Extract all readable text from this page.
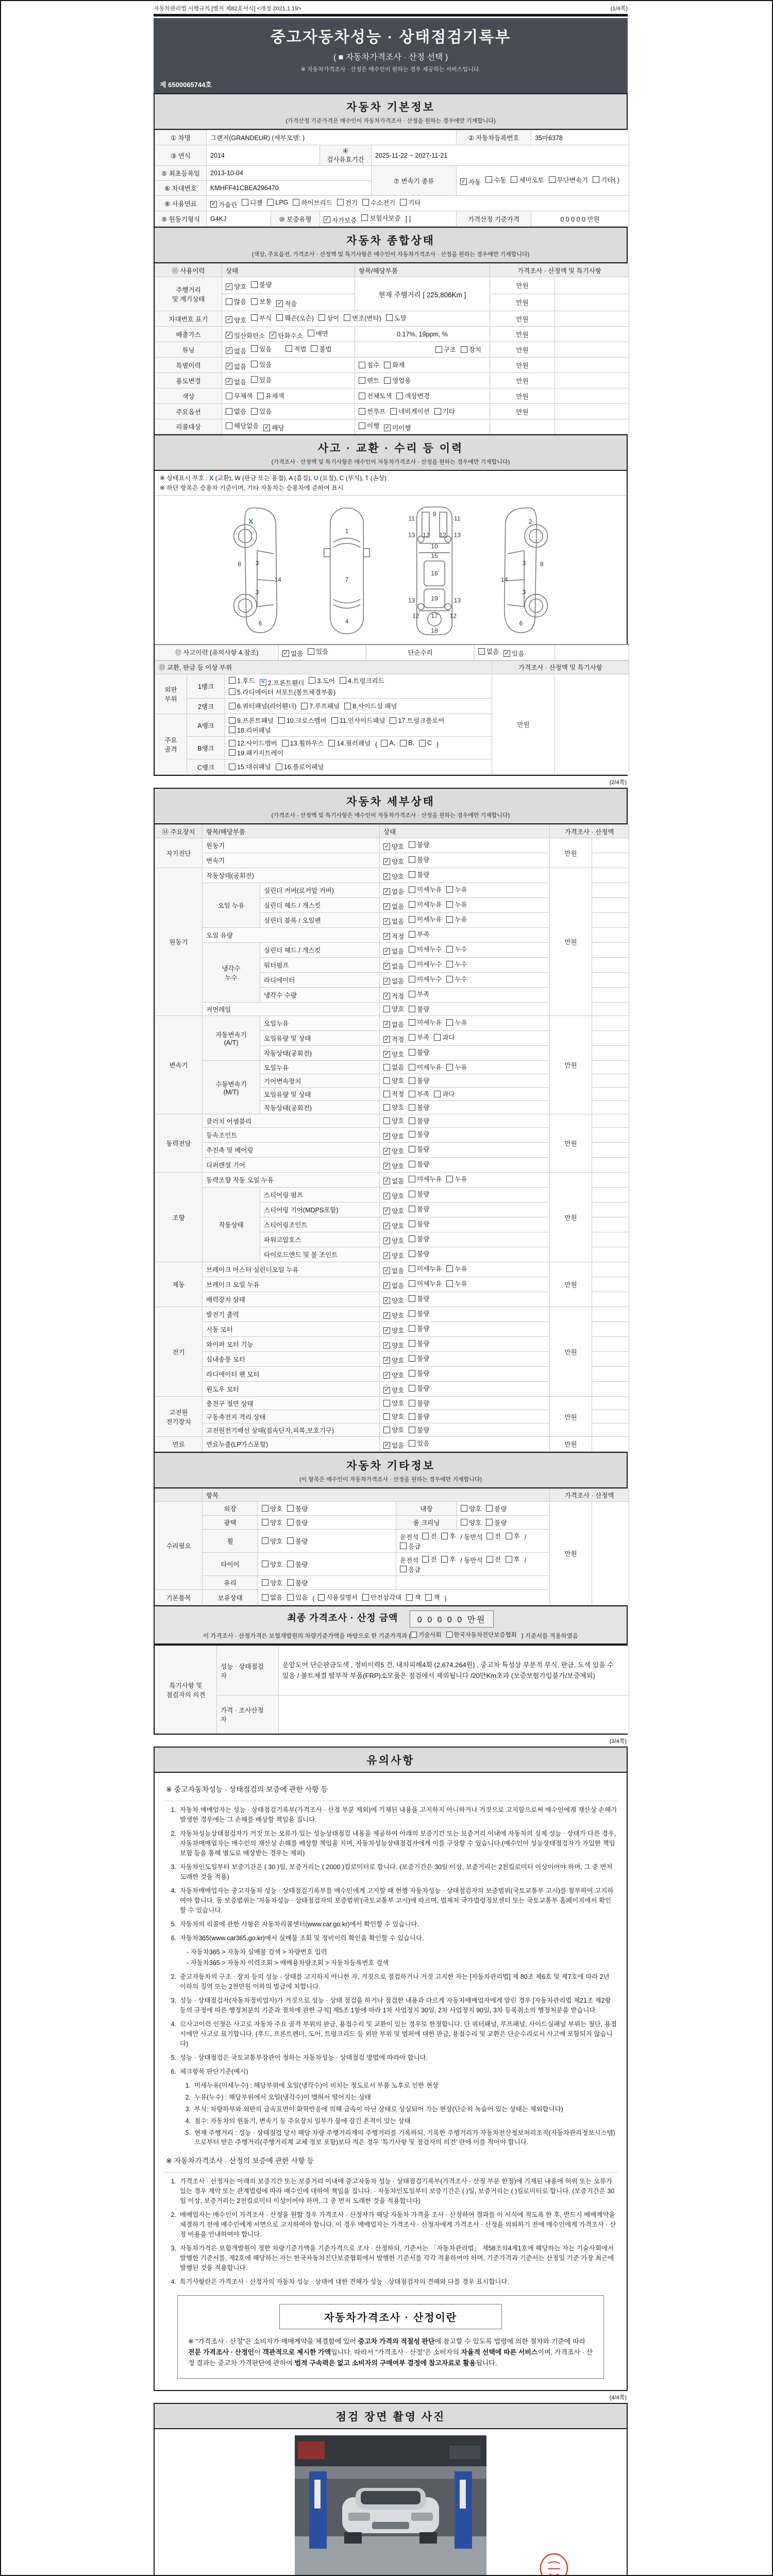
자동차관리법 시행규칙 [별지 제82호서식] <개정 2021.1.19>	(1/4쪽)
중고자동차성능 · 상태점검기록부
( ■ 자동차가격조사 · 산정 선택 )
※ 자동차가격조사 · 산정은 매수인이 원하는 경우 제공하는 서비스입니다.
제 6500065744호
자동차 기본정보
(가격산정 기준가격은 매수인이 자동차가격조사 · 산정을 원하는 경우에만 기재합니다)
① 차명	그랜저(GRANDEUR) (세부모델: )				② 자동차등록번호	35마6378
③ 연식	2014		④ 검사유효기간	2025-11-22 ~ 2027-11-21		
⑤ 최초등록일	2013-10-04	⑦ 변속기 종류	✓ 자동 수동 세미오토 무단변속기 기타( )

⑥ 차대번호	KMHFF41CBEA296470					
⑧ 사용연료	✓ 가솔린 디젤 LPG 하이브리드 전기 수소전기 기타

⑨ 원동기형식	G4KJ	⑩ 보증유형	✓ 자가보증 보험사보증 [ ]		가격산정 기준가격	0 0 0 0 0 만원
자동차 종합상태
(색상, 주요옵션, 가격조사 · 산정액 및 특기사항은 매수인이 자동차가격조사 · 산정을 원하는 경우에만 기재합니다)
⑪ 사용이력	상태	항목/해당부품	가격조사 · 산정액 및 특기사항	
주행거리
및 계기상태	✓ 양호 불량	현재 주행거리 [ 225,806Km ]	만원	

	많음 보통 ✓ 적음		만원	
차대번호 표기	✓ 양호 부식 훼손(오손) 상이 변조(변타) 도말	만원	
배출가스	✓ 일산화탄소 ✓ 탄화수소 매연	0.17%, 19ppm, %	만원	
튜닝	✓ 없음 있음 적법 불법	구조 장치	만원	
특별이력	✓ 없음 있음	침수 화재	만원	
용도변경	✓ 없음 있음	렌트 영업용	만원	
색상	무채색 유채색	전체도색 색상변경	만원	
주요옵션	없음 있음	썬루프 네비게이션 기타	만원	
리콜대상	해당없음 ✓ 해당	이행 ✓ 미이행		

사고 · 교환 · 수리 등 이력
(가격조사 · 산정액 및 특기사항은 매수인이 자동차가격조사 · 산정을 원하는 경우에만 기재합니다)
※ 상태표시 부호 : X (교환), W (판금 또는 용접), A (흠집), U (요철), C (부식), T (손상)
※ 하단 항목은 승용차 기준이며, 기타 자동차는 승용차에 준하여 표시
X
8 3
14
3
6
1
7
4
11
9
11
13 12 12 13
10
15
16
19
13	13
12 17 12
18
2
8
3
14
3
6
⑫ 사고이력 (유의사항 4.참조)	✓ 없음 있음	단순수리	없음 ✓ 있음

⑬ 교환, 판금 등 이상 부위			가격조사 · 산정액 및 특기사항	
외판
부위	1랭크	
1.후드 ✕ 2.프론트휀더 3.도어 4.트렁크리드
5.라디에이터 서포트(볼트체결부품)
	만원	
	2랭크	6.쿼터패널(리어휀더) 7.루프패널 8.사이드실 패널		

주요
골격	A랭크	9.프론트패널 10.크로스멤버 11.인사이드패널 17.트렁크플로어
18.리어패널		

B랭크	
12.사이드멤버 13.휠하우스 14.필러패널 ( A, B, C )
19.패키지트레이

	C랭크	15.대쉬패널 16.플로어패널		
(2/4쪽)
자동차 세부상태
(가격조사 · 산정액 및 특기사항은 매수인이 자동차가격조사 · 산정을 원하는 경우에만 기재합니다)
⑭ 주요장치	항목/해당부품		상태	가격조사 · 산정액	
자기진단	원동기		✓ 양호 불량	만원	
	변속기		✓ 양호 불량		

원동기	작동상태(공회전)		✓ 양호 불량	만원	
	오일 누유	실린더 커버(로커암 커버)	✓ 없음 미세누유 누유		

		실린더 헤드 / 개스킷	✓ 없음 미세누유 누유		

		실린더 블록 / 오일팬	✓ 없음 미세누유 누유		

	오일 유량		✓ 적정 부족		

	냉각수
누수	실린더 헤드 / 개스킷	✓ 없음 미세누수 누수		

		워터펌프	✓ 없음 미세누수 누수		

		라디에이터	✓ 없음 미세누수 누수		

		냉각수 수량	✓ 적정 부족		

	커먼레일		양호 불량		

변속기	자동변속기
(A/T)	오일누유	✓ 없음 미세누유 누유	만원	
		오일유량 및 상태	✓ 적정 부족 과다		

		작동상태(공회전)	✓ 양호 불량		

	수동변속기
(M/T)	오일누유	없음 미세누유 누유		

		기어변속장치	양호 불량		

		오일유량 및 상태	적정 부족 과다		

		작동상태(공회전)	양호 불량		

동력전달	클러치 어셈블리		양호 불량	만원	
	등속조인트		✓ 양호 불량		

	추진축 및 베어링		✓ 양호 불량		

	디퍼렌셜 기어		✓ 양호 불량		

조향	동력조향 작동 오일 누유		✓ 없음 미세누유 누유	만원	
	작동상태	스티어링 펌프	✓ 양호 불량		

		스티어링 기어(MDPS포함)	✓ 양호 불량		

		스티어링조인트	✓ 양호 불량		

		파워고압호스	✓ 양호 불량		

		타이로드엔드 및 볼 조인트	✓ 양호 불량		

제동	브레이크 마스터 실린더오일 누유		✓ 없음 미세누유 누유	만원	
	브레이크 오일 누유		✓ 없음 미세누유 누유		

	배력장치 상태		✓ 양호 불량		

전기	발전기 출력		✓ 양호 불량	만원	
	시동 모터		✓ 양호 불량		

	와이퍼 모터 기능		✓ 양호 불량		

	실내송풍 모터		✓ 양호 불량		

	라디에이터 팬 모터		✓ 양호 불량		

	윈도우 모터		✓ 양호 불량		

고전원
전기장치	충전구 절연 상태		양호 불량	만원	
	구동축전지 격리 상태		양호 불량		

	고전원전기배선 상태(접속단자,피복,보호기구)		양호 불량		

연료	연료누출(LP가스포함)		✓ 없음 있음	만원	
자동차 기타정보
(이 항목은 매수인이 자동차가격조사 · 산정을 원하는 경우에만 기재합니다)
	항목				가격조사 · 산정액	
수리필요	외장	양호 불량	내장	양호 불량	만원	
	광택	양호 불량	룸 크리닝	양호 불량		

휠	양호 불량
	운전석 전 후 / 동반석 전 후 /
응급

타이어	양호 불량
	운전석 전 후 / 동반석 전 후 /
응급

	유리	양호 불량				

기본품목	보유상태	없음 있음 ( 사용설명서 안전삼각대 잭 잭 )
최종 가격조사 · 산정 금액 0 0 0 0 0 만원
이 가격조사 · 산정가격은 보험개발원의 차량기준가액을 바탕으로 한 기준가격과 ( 기술사회 한국자동차진단보증협회 ) 기준서를 적용하였음
특기사항 및
점검자의 의견	성능 · 상태점검
자	운앞도어 단순판금도색 , 정비이력5 건, 내차피해4회 (2,674,264원) , 중고차 특성상 부분적 부식, 판금, 도색 있을 수 있음 / 볼트체결 탈부착 부품(FRP)소모품은 점검에서 제외됩니다 /20만Km초과 (보증보험가입불가/보증제외)
	가격 · 조사산정
자	
(3/4쪽)
유의사항
※ 중고자동차성능 · 상태점검의 보증에 관한 사항 등
1. 자동차 매매업자는 성능 · 상태점검기록부(가격조사 · 산정 부분 제외)에 기재된 내용을 고지하지 아니하거나 거짓으로 고지함으로써 매수인에게 재산상 손해가 발생한 경우에는 그 손해를 배상할 책임을 집니다.
2. 자동차성능상태점검자가 거짓 또는 오류가 있는 성능상태점검 내용을 제공하여 아래의 보증기간 또는 보증거리 이내에 자동차의 실제 성능 · 상태가 다른 경우, 자동차매매업자는 매수인의 재산상 손해를 배상할 책임을 지며, 자동차성능상태점검자에게 이를 구상할 수 있습니다.(매수인이 성능상태점검자가 가입한 책임보험 등을 통해 별도로 배상받는 경우는 제외)
3. 자동차인도일부터 보증기간은 ( 30 )일, 보증거리는 ( 2000 )킬로미터로 합니다. (보증기간은 30일 이상, 보증거리는 2천킬로미터 이상이어야 하며, 그 중 먼저 도래한 것을 적용)
4. 자동차매매업자는 중고자동차 성능 · 상태점검기록부를 매수인에게 고지할 때 현행 자동차성능 · 상태점검자의 보증범위(국토교통부 고시)를 첨부하여 고지하여야 합니다. 동 보증범위는 '자동차성능 · 상태점검자의 보증범위'(국토교통부 고시)에 따르며, 법제처 국가법령정보센터 또는 국토교통부 홈페이지에서 확인할 수 있습니다.
5. 자동차의 리콜에 관한 사항은 자동차리콜센터(www.car.go.kr)에서 확인할 수 있습니다.
6. 자동차365(www.car365.go.kr)에서 실매물 조회 및 정비이력 확인을 확인할 수 있습니다.
- 자동차365 > 자동차 실매물 검색 > 차량번호 입력
- 자동차365 > 자동차 이력조회 > 매매용차량조회 > 자동차등록번호 검색
2. 중고자동차의 구조 · 장치 등의 성능 · 상태를 고지하지 아니한 자, 거짓으로 점검하거나 거짓 고지한 자는 [자동차관리법] 제 80조 제6호 및 제7호에 따라 2년 이하의 징역 또는 2천만원 이하의 벌금에 처합니다.
3. 성능 · 상태점검자(자동차정비업자)가 거짓으로 성능 · 상태 점검을 하거나 점검한 내용과 다르게 자동차매매업자에게 알린 경우 [자동차관리법 제21조 제2항 등의 규정에 따른 행정처분의 기준과 절차에 관한 규칙] 제5조 1항에 따라 1차 사업정지 30일, 2차 사업정지 90일, 3차 등록취소의 행정처분을 받습니다.
4. ⑫사고이력 인정은 사고로 자동차 주요 골격 부위의 판금, 용접수리 및 교환이 있는 경우로 한정합니다. 단 쿼터패널, 루프패널, 사이드실패널 부위는 절단, 용접 시에만 사고로 표기합니다. (후드, 프론트펜더, 도어, 트렁크리드 등 외판 부위 및 범퍼에 대한 판금, 용접수리 및 교환은 단순수리로서 사고에 포함되지 않습니다)
5. 성능 · 상태점검은 국토교통부장관이 정하는 자동차성능 · 상태점검 방법에 따라야 합니다.
6. 체크항목 판단기준(예시)
1. 미세누유(미세누수) : 해당부위에 오일(냉각수)이 비치는 정도로서 부품 노후로 인한 현상
2. 누유(누수) : 해당부위에서 오일(냉각수)이 맺혀서 떨어지는 상태
3. 부식: 차량하부와 외판의 금속표면이 화학반응에 의해 금속이 아닌 상태로 상실되어 가는 현상(단순히 녹슬어 있는 상태는 제외합니다)
4. 침수: 자동차의 원동기, 변속기 등 주요장치 일부가 물에 잠긴 흔적이 있는 상태
5. 현재 주행거리 : 성능 · 상태점검 당시 해당 차량 주행거리계의 주행거리를 기록하되, 기록한 주행거리가 자동차전산정보처리조직(자동차관리정보시스템)으로부터 받은 주행거리(주행거리계 교체 정보 포함)보다 적은 경우 '특기사항 및 점검자의 의견' 란에 이를 적어야 합니다.
※ 자동차가격조사 · 산정의 보증에 관한 사항 등
1. 가격조사 · 산정자는 아래의 보증기간 또는 보증거리 이내에 중고자동차 성능 · 상태점검기록부(가격조사 · 산정 부분 한정)에 기재된 내용에 허위 또는 오류가 있는 경우 계약 또는 관계법령에 따라 매수인에 대하여 책임을 집니다. · 자동차인도일부터 보증기간은 ( )일, 보증거리는 ( )킬로미터로 합니다. (보증기간은 30일 이상, 보증거리는 2천킬로미터 이상이어야 하며, 그 중 먼저 도래한 것을 적용합니다)
2. 매매업자는 매수인이 가격조사 · 산정을 원할 경우 가격조사 · 산정자가 해당 자동차 가격을 조사 · 산정하여 결과를 이 서식에 적도록 한 후, 반드시 매매계약을 체결하기 전에 매수인에게 서면으로 고지하여야 합니다. 이 경우 매매업자는 가격조사 · 산정자에게 가격조사 · 산정을 의뢰하기 전에 매수인에게 가격조사 · 산정 비용을 안내하여야 합니다.
3. 자동차가격은 보험개발원이 정한 차량기준가액을 기준가격으로 조사 · 산정하되, 기준서는 「자동차관리법」 제58조의4제1호에 해당하는 자는 기술사회에서 발행한 기준서를, 제2호에 해당하는 자는 한국자동차진단보증협회에서 발행한 기준서를 각각 적용하여야 하며, 기준가격과 기준서는 산정일 기준 가장 최근에 발행된 것을 적용합니다.
4. 특기사항란은 가격조사 · 산정자의 자동차 성능 · 상태에 대한 견해가 성능 · 상태점검자의 견해와 다를 경우 표시합니다.
자동차가격조사 · 산정이란
※ "가격조사 · 산정"은 소비자가 매매계약을 체결함에 있어 중고차 가격의 적절성 판단에 참고할 수 있도록 법령에 의한 절차와 기준에 따라 전문 가격조사 · 산정인이 객관적으로 제시한 가액입니다. 따라서 "가격조사 · 산정"은 소비자의 자율적 선택에 따른 서비스이며, 가격조사 · 산정 결과는 중고차 가격판단에 관하여 법적 구속력은 없고 소비자의 구매여부 결정에 참고자료로 활용됩니다.
(4/4쪽)
점검 장면 촬영 사진
